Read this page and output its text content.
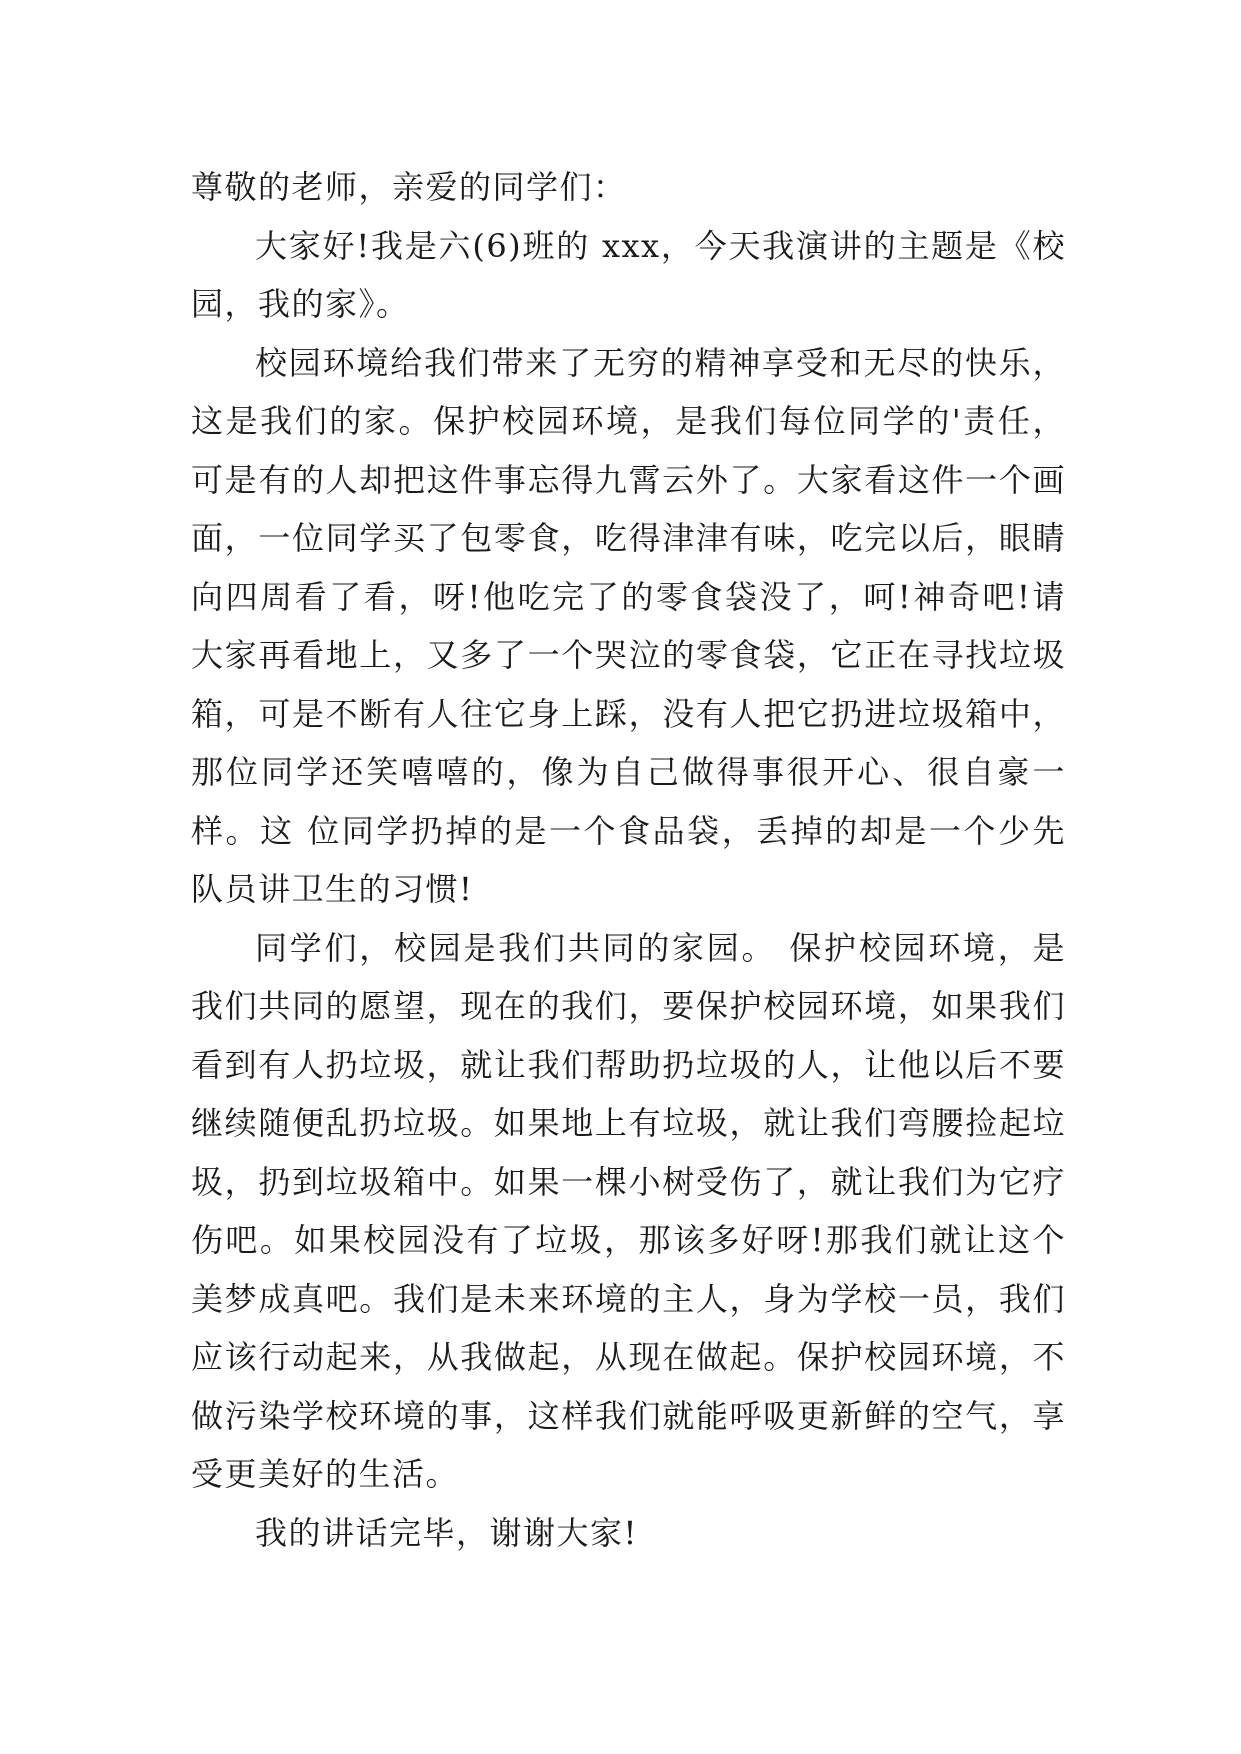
尊敬的老师，亲爱的同学们：

大家好!我是六(6)班的 xxx，今天我演讲的主题是《校园，我的家》。

校园环境给我们带来了无穷的精神享受和无尽的快乐，这是我们的家。保护校园环境，是我们每位同学的'责任，可是有的人却把这件事忘得九霄云外了。大家看这件一个画面，一位同学买了包零食，吃得津津有味，吃完以后，眼睛向四周看了看，呀!他吃完了的零食袋没了，呵!神奇吧!请大家再看地上，又多了一个哭泣的零食袋，它正在寻找垃圾箱，可是不断有人往它身上踩，没有人把它扔进垃圾箱中，那位同学还笑嘻嘻的，像为自己做得事很开心、很自豪一样。这 位同学扔掉的是一个食品袋，丢掉的却是一个少先队员讲卫生的习惯!

同学们，校园是我们共同的家园。 保护校园环境，是我们共同的愿望，现在的我们，要保护校园环境，如果我们看到有人扔垃圾，就让我们帮助扔垃圾的人，让他以后不要继续随便乱扔垃圾。如果地上有垃圾，就让我们弯腰捡起垃圾，扔到垃圾箱中。如果一棵小树受伤了，就让我们为它疗伤吧。如果校园没有了垃圾，那该多好呀!那我们就让这个美梦成真吧。我们是未来环境的主人，身为学校一员，我们应该行动起来，从我做起，从现在做起。保护校园环境，不做污染学校环境的事，这样我们就能呼吸更新鲜的空气，享受更美好的生活。

我的讲话完毕，谢谢大家!
